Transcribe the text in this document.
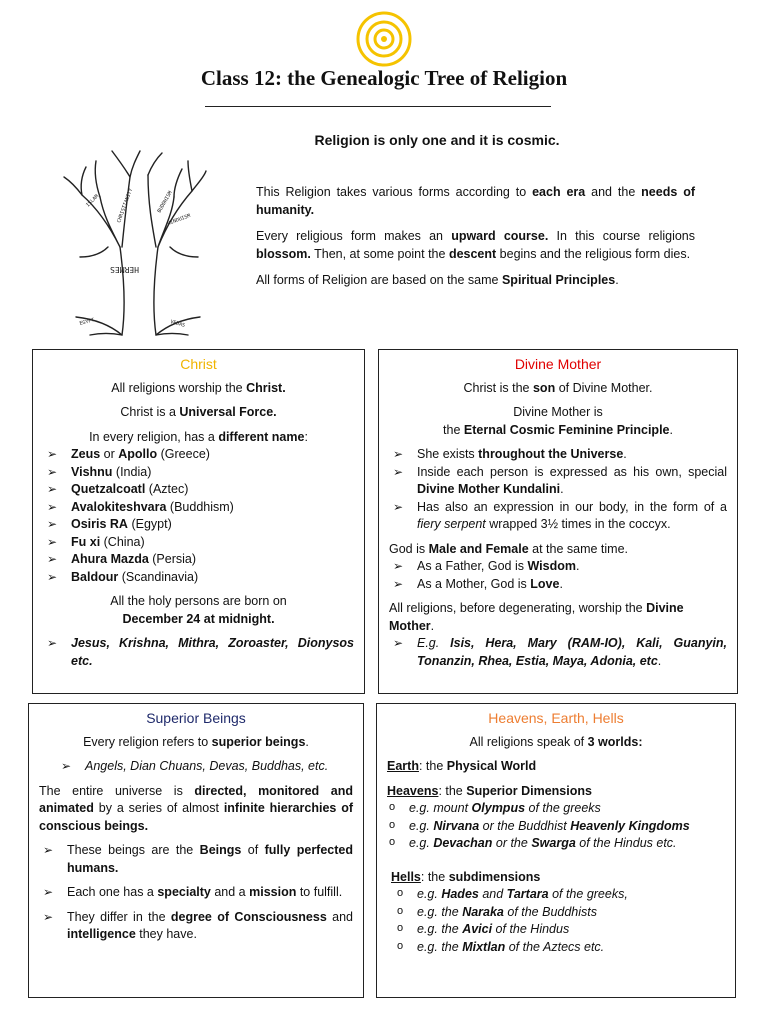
Class 12: the Genealogic Tree of Religion
Religion is only one and it is cosmic.
HERMES
CHRISTIANITY	BUDDHISM
ISLAM
HINDUISM
EGYPT	VEDAS

This Religion takes various forms according to each era and the needs of humanity.

Every religious form makes an upward course. In this course religions blossom. Then, at some point the descent begins and the religious form dies.

All forms of Religion are based on the same Spiritual Principles.

Christ

All religions worship the Christ.

Christ is a Universal Force.

In every religion, has a different name:

➢ Zeus or Apollo (Greece)
➢ Vishnu (India)
➢ Quetzalcoatl (Aztec)
➢ Avalokiteshvara (Buddhism)
➢ Osiris RA (Egypt)
➢ Fu xi (China)
➢ Ahura Mazda (Persia)
➢ Baldour (Scandinavia)

All the holy persons are born on

December 24 at midnight.

➢ Jesus, Krishna, Mithra, Zoroaster, Dionysos etc.
Divine Mother

Christ is the son of Divine Mother.

Divine Mother is

the Eternal Cosmic Feminine Principle.

➢ She exists throughout the Universe.
➢ Inside each person is expressed as his own, special Divine Mother Kundalini.
➢ Has also an expression in our body, in the form of a fiery serpent wrapped 3½ times in the coccyx.

God is Male and Female at the same time.

➢ As a Father, God is Wisdom.
➢ As a Mother, God is Love.

All religions, before degenerating, worship the Divine Mother.

➢ E.g. Isis, Hera, Mary (RAM-IO), Kali, Guanyin, Tonanzin, Rhea, Estia, Maya, Adonia, etc.
Superior Beings

Every religion refers to superior beings.

➢ Angels, Dian Chuans, Devas, Buddhas, etc.

The entire universe is directed, monitored and animated by a series of almost infinite hierarchies of conscious beings.

➢ These beings are the Beings of fully perfected humans.
➢ Each one has a specialty and a mission to fulfill.
➢ They differ in the degree of Consciousness and intelligence they have.
Heavens, Earth, Hells

All religions speak of 3 worlds:

Earth: the Physical World

Heavens: the Superior Dimensions

o e.g. mount Olympus of the greeks
o e.g. Nirvana or the Buddhist Heavenly Kingdoms
o e.g. Devachan or the Swarga of the Hindus etc.

Hells: the subdimensions

o e.g. Hades and Tartara of the greeks,
o e.g. the Naraka of the Buddhists
o e.g. the Avici of the Hindus
o e.g. the Mixtlan of the Aztecs etc.
